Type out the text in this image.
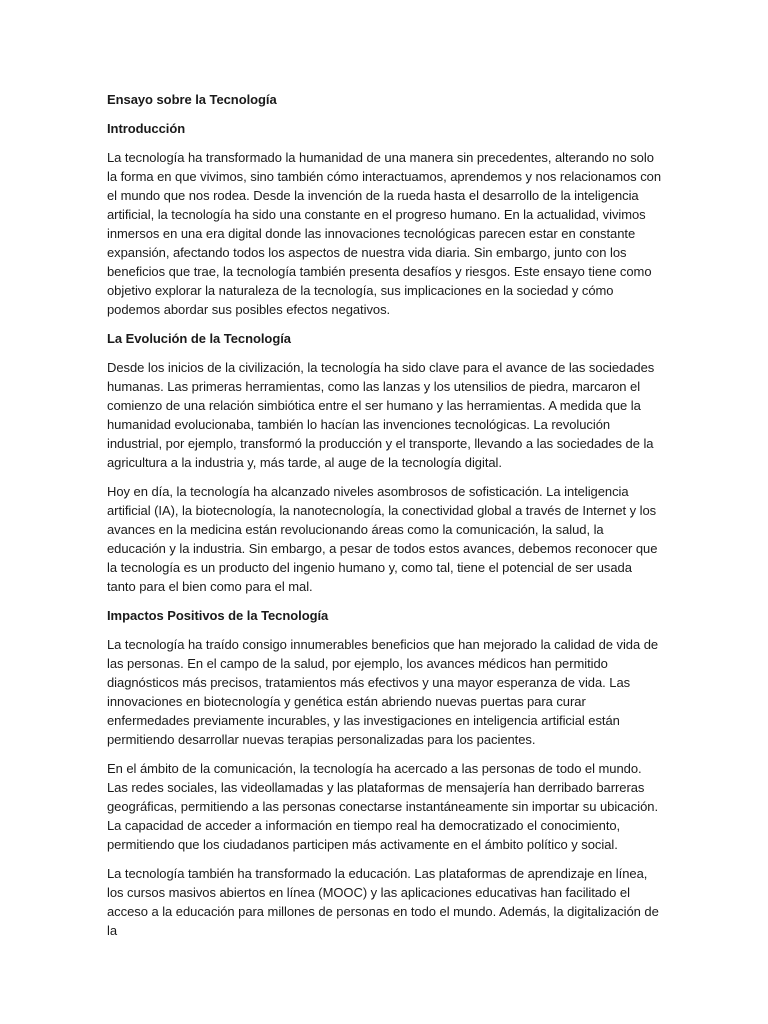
Ensayo sobre la Tecnología
Introducción

La tecnología ha transformado la humanidad de una manera sin precedentes, alterando no solo la forma en que vivimos, sino también cómo interactuamos, aprendemos y nos relacionamos con el mundo que nos rodea. Desde la invención de la rueda hasta el desarrollo de la inteligencia artificial, la tecnología ha sido una constante en el progreso humano. En la actualidad, vivimos inmersos en una era digital donde las innovaciones tecnológicas parecen estar en constante expansión, afectando todos los aspectos de nuestra vida diaria. Sin embargo, junto con los beneficios que trae, la tecnología también presenta desafíos y riesgos. Este ensayo tiene como objetivo explorar la naturaleza de la tecnología, sus implicaciones en la sociedad y cómo podemos abordar sus posibles efectos negativos.

La Evolución de la Tecnología

Desde los inicios de la civilización, la tecnología ha sido clave para el avance de las sociedades humanas. Las primeras herramientas, como las lanzas y los utensilios de piedra, marcaron el comienzo de una relación simbiótica entre el ser humano y las herramientas. A medida que la humanidad evolucionaba, también lo hacían las invenciones tecnológicas. La revolución industrial, por ejemplo, transformó la producción y el transporte, llevando a las sociedades de la agricultura a la industria y, más tarde, al auge de la tecnología digital.

Hoy en día, la tecnología ha alcanzado niveles asombrosos de sofisticación. La inteligencia artificial (IA), la biotecnología, la nanotecnología, la conectividad global a través de Internet y los avances en la medicina están revolucionando áreas como la comunicación, la salud, la educación y la industria. Sin embargo, a pesar de todos estos avances, debemos reconocer que la tecnología es un producto del ingenio humano y, como tal, tiene el potencial de ser usada tanto para el bien como para el mal.

Impactos Positivos de la Tecnología

La tecnología ha traído consigo innumerables beneficios que han mejorado la calidad de vida de las personas. En el campo de la salud, por ejemplo, los avances médicos han permitido diagnósticos más precisos, tratamientos más efectivos y una mayor esperanza de vida. Las innovaciones en biotecnología y genética están abriendo nuevas puertas para curar enfermedades previamente incurables, y las investigaciones en inteligencia artificial están permitiendo desarrollar nuevas terapias personalizadas para los pacientes.

En el ámbito de la comunicación, la tecnología ha acercado a las personas de todo el mundo. Las redes sociales, las videollamadas y las plataformas de mensajería han derribado barreras geográficas, permitiendo a las personas conectarse instantáneamente sin importar su ubicación. La capacidad de acceder a información en tiempo real ha democratizado el conocimiento, permitiendo que los ciudadanos participen más activamente en el ámbito político y social.

La tecnología también ha transformado la educación. Las plataformas de aprendizaje en línea, los cursos masivos abiertos en línea (MOOC) y las aplicaciones educativas han facilitado el acceso a la educación para millones de personas en todo el mundo. Además, la digitalización de la
